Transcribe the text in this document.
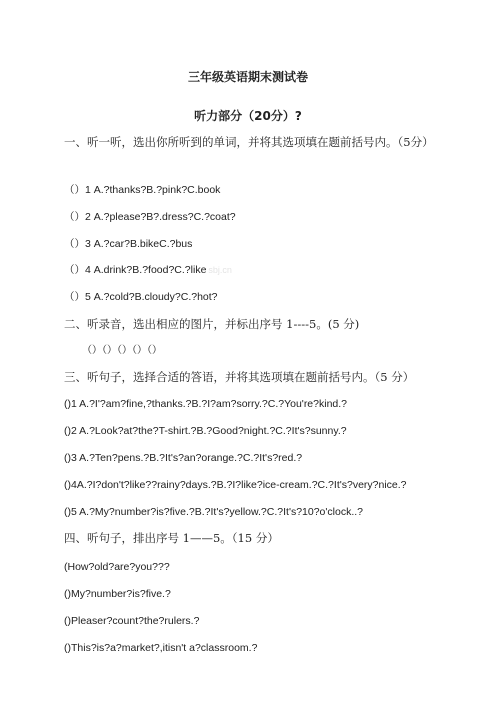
三年级英语期末测试卷
听力部分（20分）?
一、听一听，选出你所听到的单词，并将其选项填在题前括号内。（5分）
（）1 A.?thanks?B.?pink?C.book
（）2 A.?please?B?.dress?C.?coat?
（）3 A.?car?B.bikeC.?bus
（）4 A.drink?B.?food?C.?like sbj.cn
（）5 A.?cold?B.cloudy?C.?hot?
二、听录音，选出相应的图片，并标出序号 1----5。(5 分)
（）（）（）（）（）
三、听句子，选择合适的答语，并将其选项填在题前括号内。（5 分）
()1 A.?I'?am?fine,?thanks.?B.?I?am?sorry.?C.?You're?kind.?
()2 A.?Look?at?the?T-shirt.?B.?Good?night.?C.?It's?sunny.?
()3 A.?Ten?pens.?B.?It's?an?orange.?C.?It's?red.?
()4A.?I?don't?like??rainy?days.?B.?I?like?ice-cream.?C.?It's?very?nice.?
()5 A.?My?number?is?five.?B.?It's?yellow.?C.?It's?10?o'clock..?
四、听句子，排出序号 1——5。（15 分）
(How?old?are?you???
()My?number?is?five.?
()Pleaser?count?the?rulers.?
()This?is?a?market?,itisn't a?classroom.?
